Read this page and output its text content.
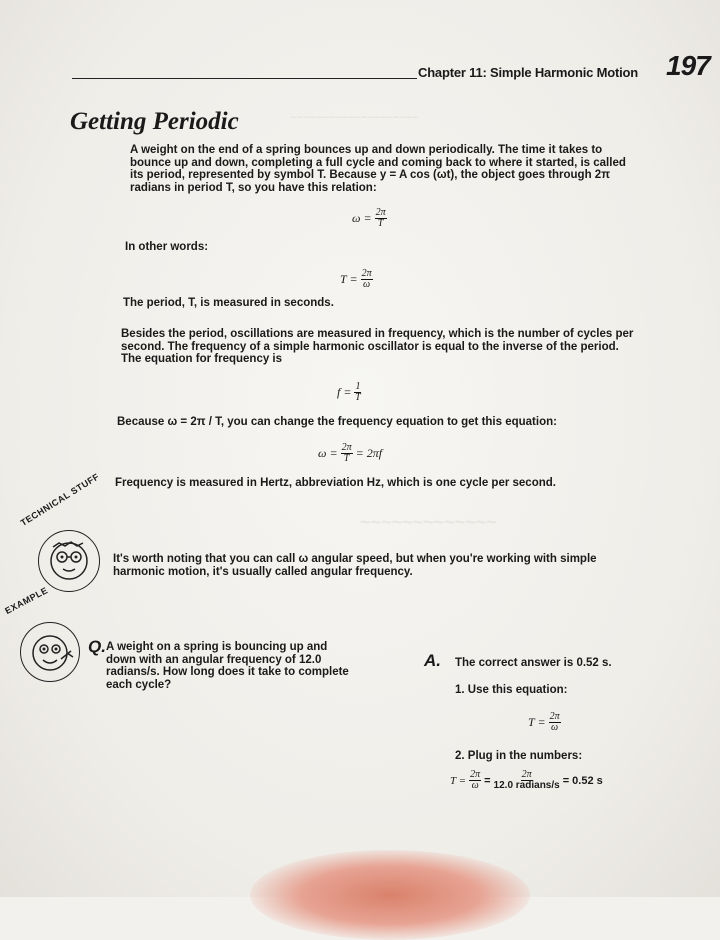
~~~~~~~~~~~~~~~~~~~~
~~~~~~~~~~~~~

Chapter 11: Simple Harmonic Motion 197

Getting Periodic

A weight on the end of a spring bounces up and down periodically. The time it takes to bounce up and down, completing a full cycle and coming back to where it started, is called its period, represented by symbol T. Because y = A cos (ωt), the object goes through 2π radians in period T, so you have this relation:

$\omega = \frac{2\pi}{T}$

In other words:

$T = \frac{2\pi}{\omega}$

The period, T, is measured in seconds.

Besides the period, oscillations are measured in frequency, which is the number of cycles per second. The frequency of a simple harmonic oscillator is equal to the inverse of the period. The equation for frequency is

$f = \frac{1}{T}$

Because ω = 2π / T, you can change the frequency equation to get this equation:

$\omega = \frac{2\pi}{T} = 2\pi f$

Frequency is measured in Hertz, abbreviation Hz, which is one cycle per second.

TECHNICAL STUFF

It's worth noting that you can call ω angular speed, but when you're working with simple harmonic motion, it's usually called angular frequency.

EXAMPLE
Q. A weight on a spring is bouncing up and down with an angular frequency of 12.0 radians/s. How long does it take to complete each cycle?

A. The correct answer is 0.52 s.

1. Use this equation:

$T = \frac{2\pi}{\omega}$

2. Plug in the numbers:

$T = \frac{2\pi}{\omega} = \frac{2\pi}{\text{12.0 radians/s}} = 0.52$ s
